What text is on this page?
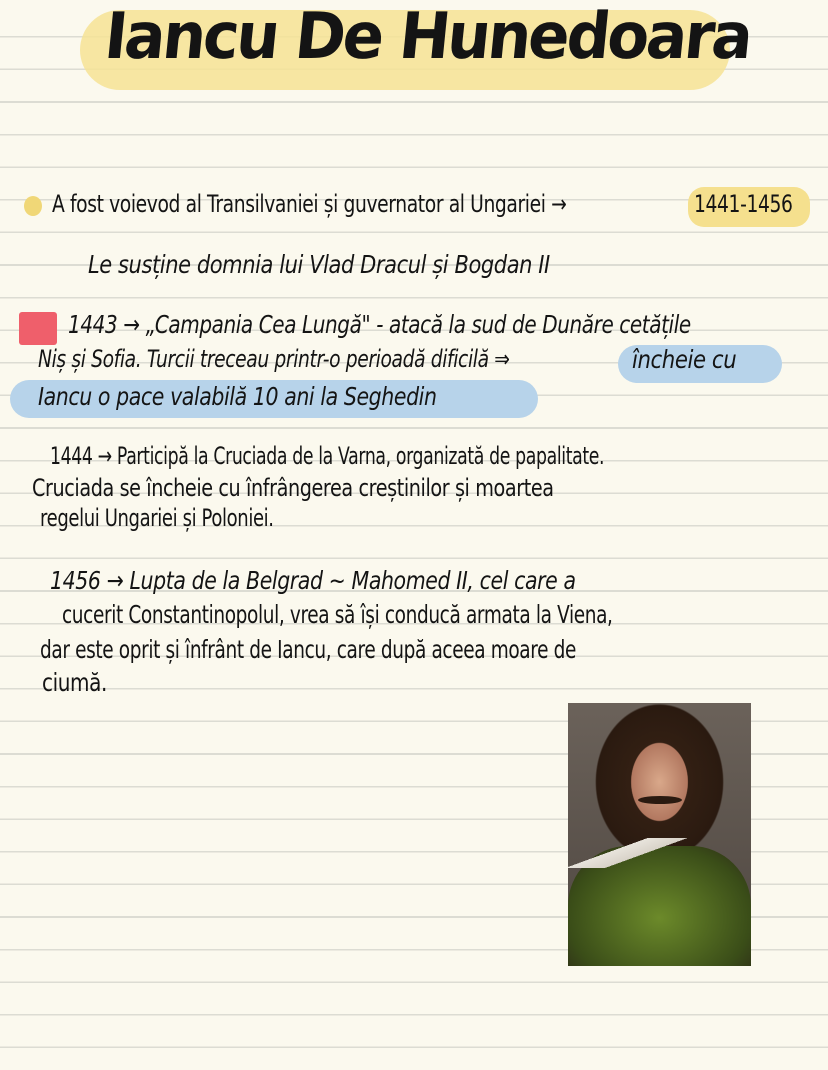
Iancu De Hunedoara
A fost voievod al Transilvaniei și guvernator al Ungariei →	1441-1456
Le susține domnia lui Vlad Dracul și Bogdan II
1443 → „Campania Cea Lungă" - atacă la sud de Dunăre cetățile
Niș și Sofia. Turcii treceau printr-o perioadă dificilă ⇒	încheie cu
Iancu o pace valabilă 10 ani la Seghedin
1444 → Participă la Cruciada de la Varna, organizată de papalitate.
Cruciada se încheie cu înfrângerea creștinilor și moartea
regelui Ungariei și Poloniei.
1456 → Lupta de la Belgrad ~ Mahomed II, cel care a
cucerit Constantinopolul, vrea să își conducă armata la Viena,
dar este oprit și înfrânt de Iancu, care după aceea moare de
ciumă.
